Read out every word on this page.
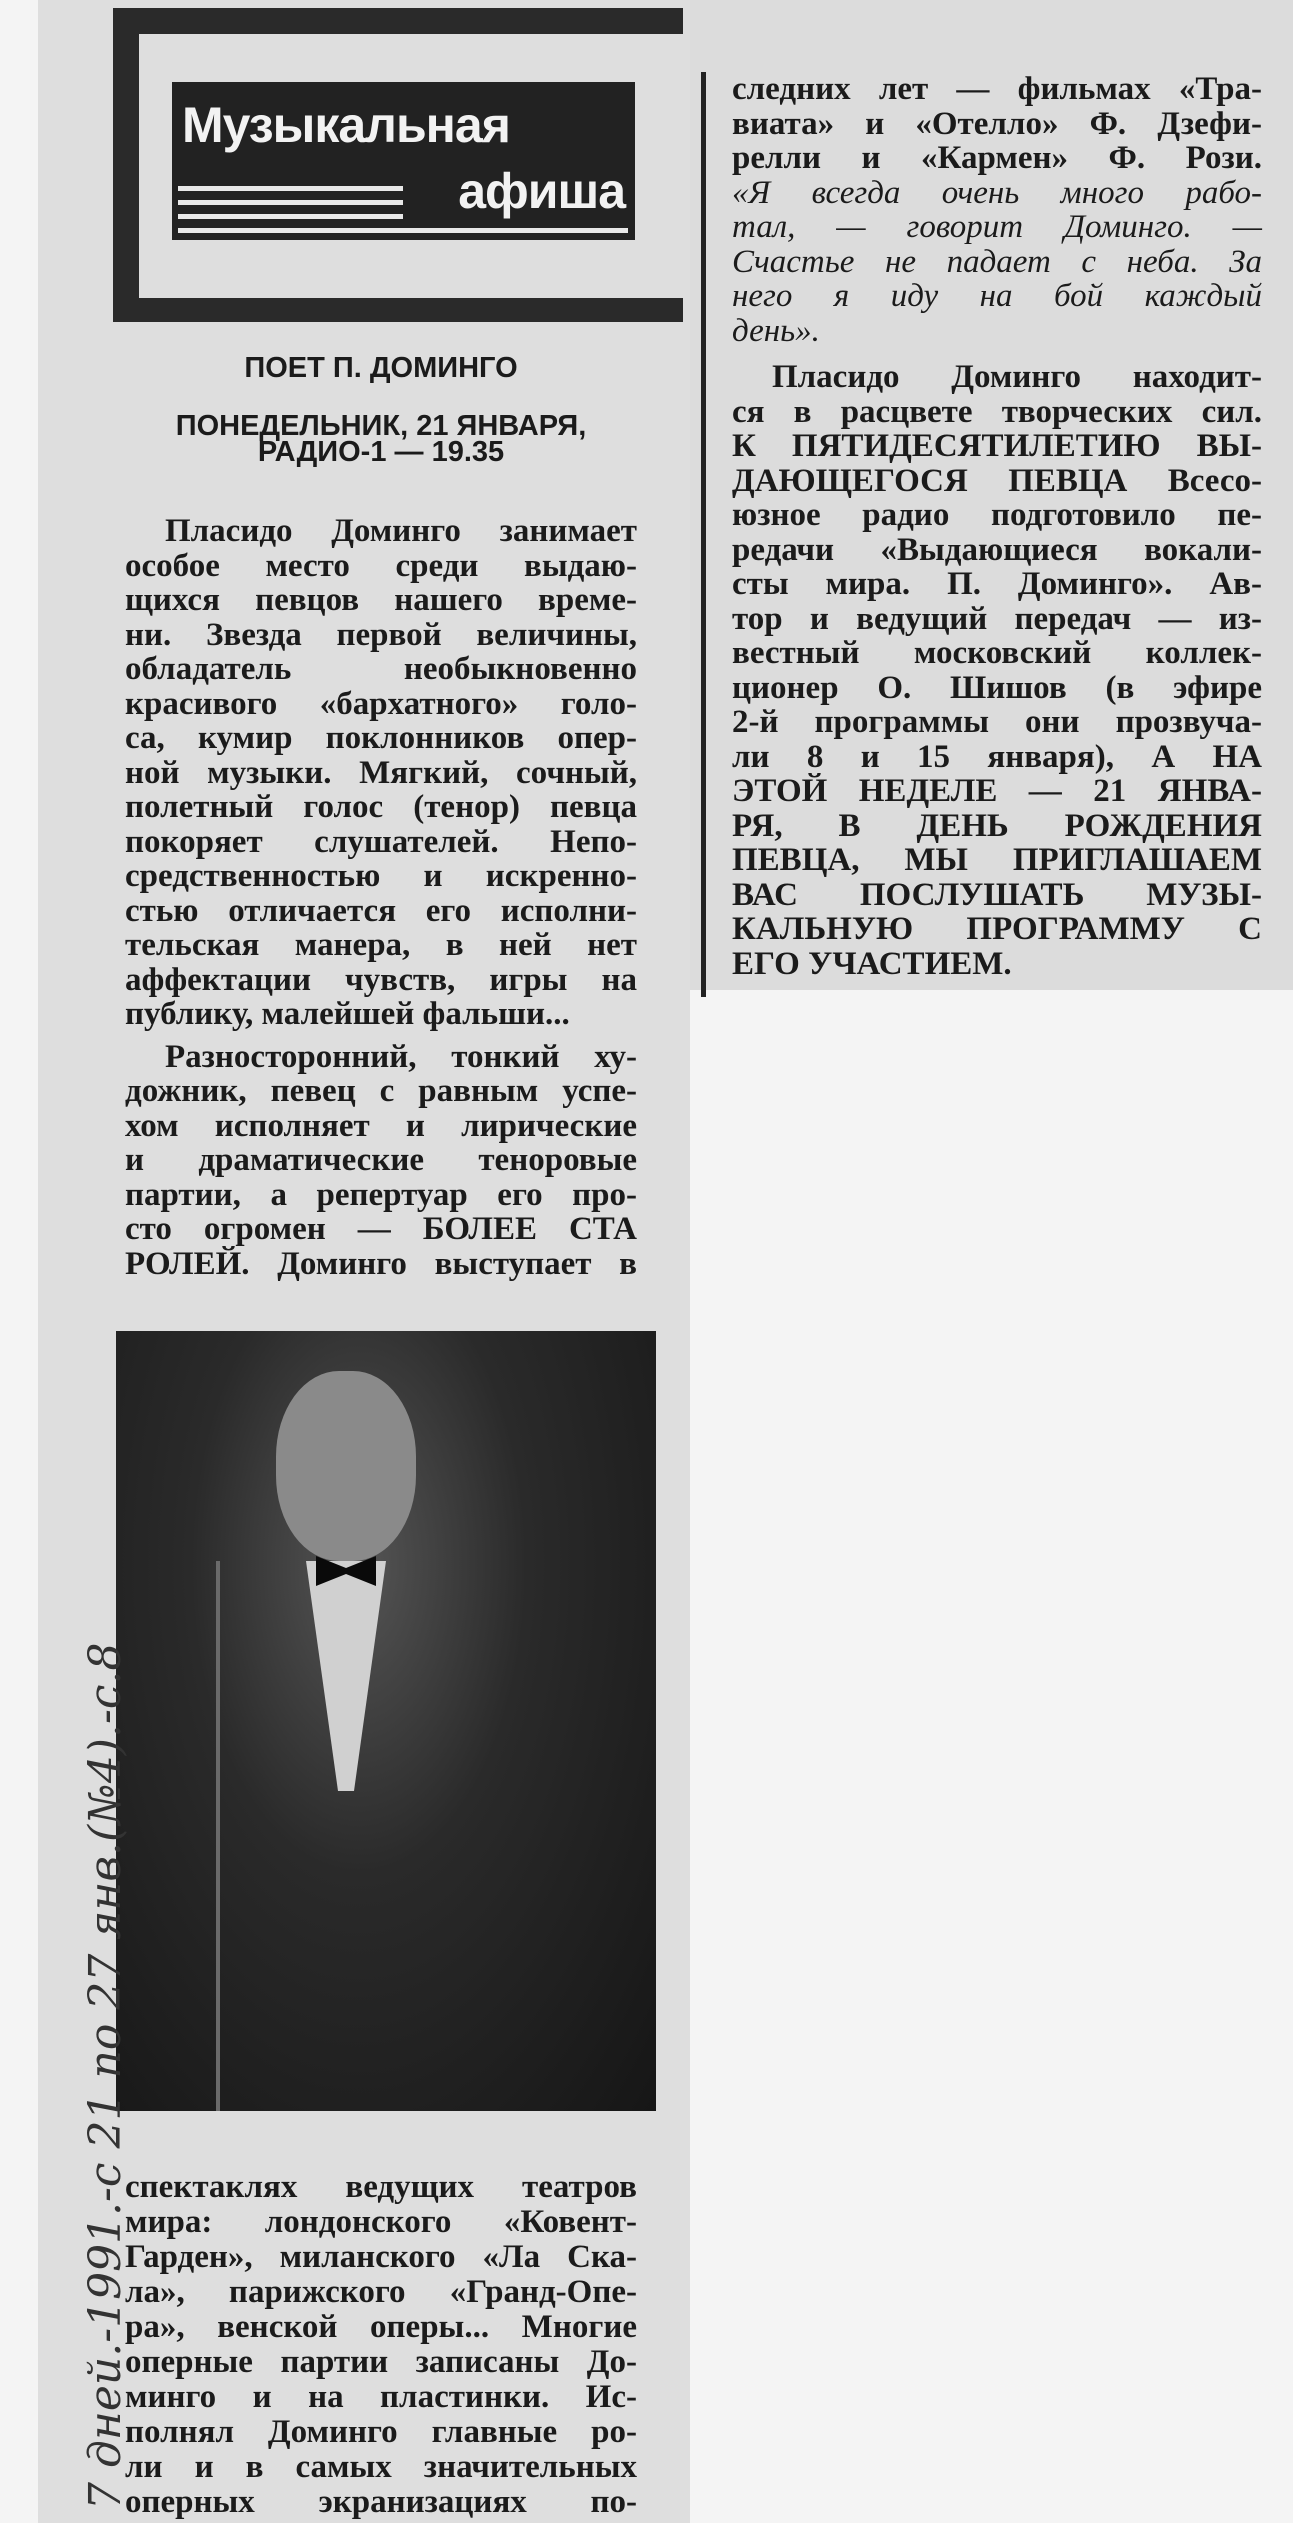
Музыкальная
афиша
ПОЕТ П. ДОМИНГО
ПОНЕДЕЛЬНИК, 21 ЯНВАРЯ,
РАДИО-1 — 19.35
Пласидо Доминго занимает
особое место среди выдаю-
щихся певцов нашего време-
ни. Звезда первой величины,
обладатель необыкновенно
красивого «бархатного» голо-
са, кумир поклонников опер-
ной музыки. Мягкий, сочный,
полетный голос (тенор) певца
покоряет слушателей. Непо-
средственностью и искренно-
стью отличается его исполни-
тельская манера, в ней нет
аффектации чувств, игры на
публику, малейшей фальши...
Разносторонний, тонкий ху-
дожник, певец с равным успе-
хом исполняет и лирические
и драматические теноровые
партии, а репертуар его про-
сто огромен — БОЛЕЕ СТА
РОЛЕЙ. Доминго выступает в
спектаклях ведущих театров
мира: лондонского «Ковент-
Гарден», миланского «Ла Ска-
ла», парижского «Гранд-Опе-
ра», венской оперы... Многие
оперные партии записаны До-
минго и на пластинки. Ис-
полнял Доминго главные ро-
ли и в самых значительных
оперных экранизациях по-
следних лет — фильмах «Тра-
виата» и «Отелло» Ф. Дзефи-
релли и «Кармен» Ф. Рози.
«Я всегда очень много рабо-
тал, — говорит Доминго. —
Счастье не падает с неба. За
него я иду на бой каждый
день».
Пласидо Доминго находит-
ся в расцвете творческих сил.
К ПЯТИДЕСЯТИЛЕТИЮ ВЫ-
ДАЮЩЕГОСЯ ПЕВЦА Всесо-
юзное радио подготовило пе-
редачи «Выдающиеся вокали-
сты мира. П. Доминго». Ав-
тор и ведущий передач — из-
вестный московский коллек-
ционер О. Шишов (в эфире
2-й программы они прозвуча-
ли 8 и 15 января), А НА
ЭТОЙ НЕДЕЛЕ — 21 ЯНВА-
РЯ, В ДЕНЬ РОЖДЕНИЯ
ПЕВЦА, МЫ ПРИГЛАШАЕМ
ВАС ПОСЛУШАТЬ МУЗЫ-
КАЛЬНУЮ ПРОГРАММУ С
ЕГО УЧАСТИЕМ.
7 дней.-1991.-с 21 по 27 янв.(№4).-с.8
